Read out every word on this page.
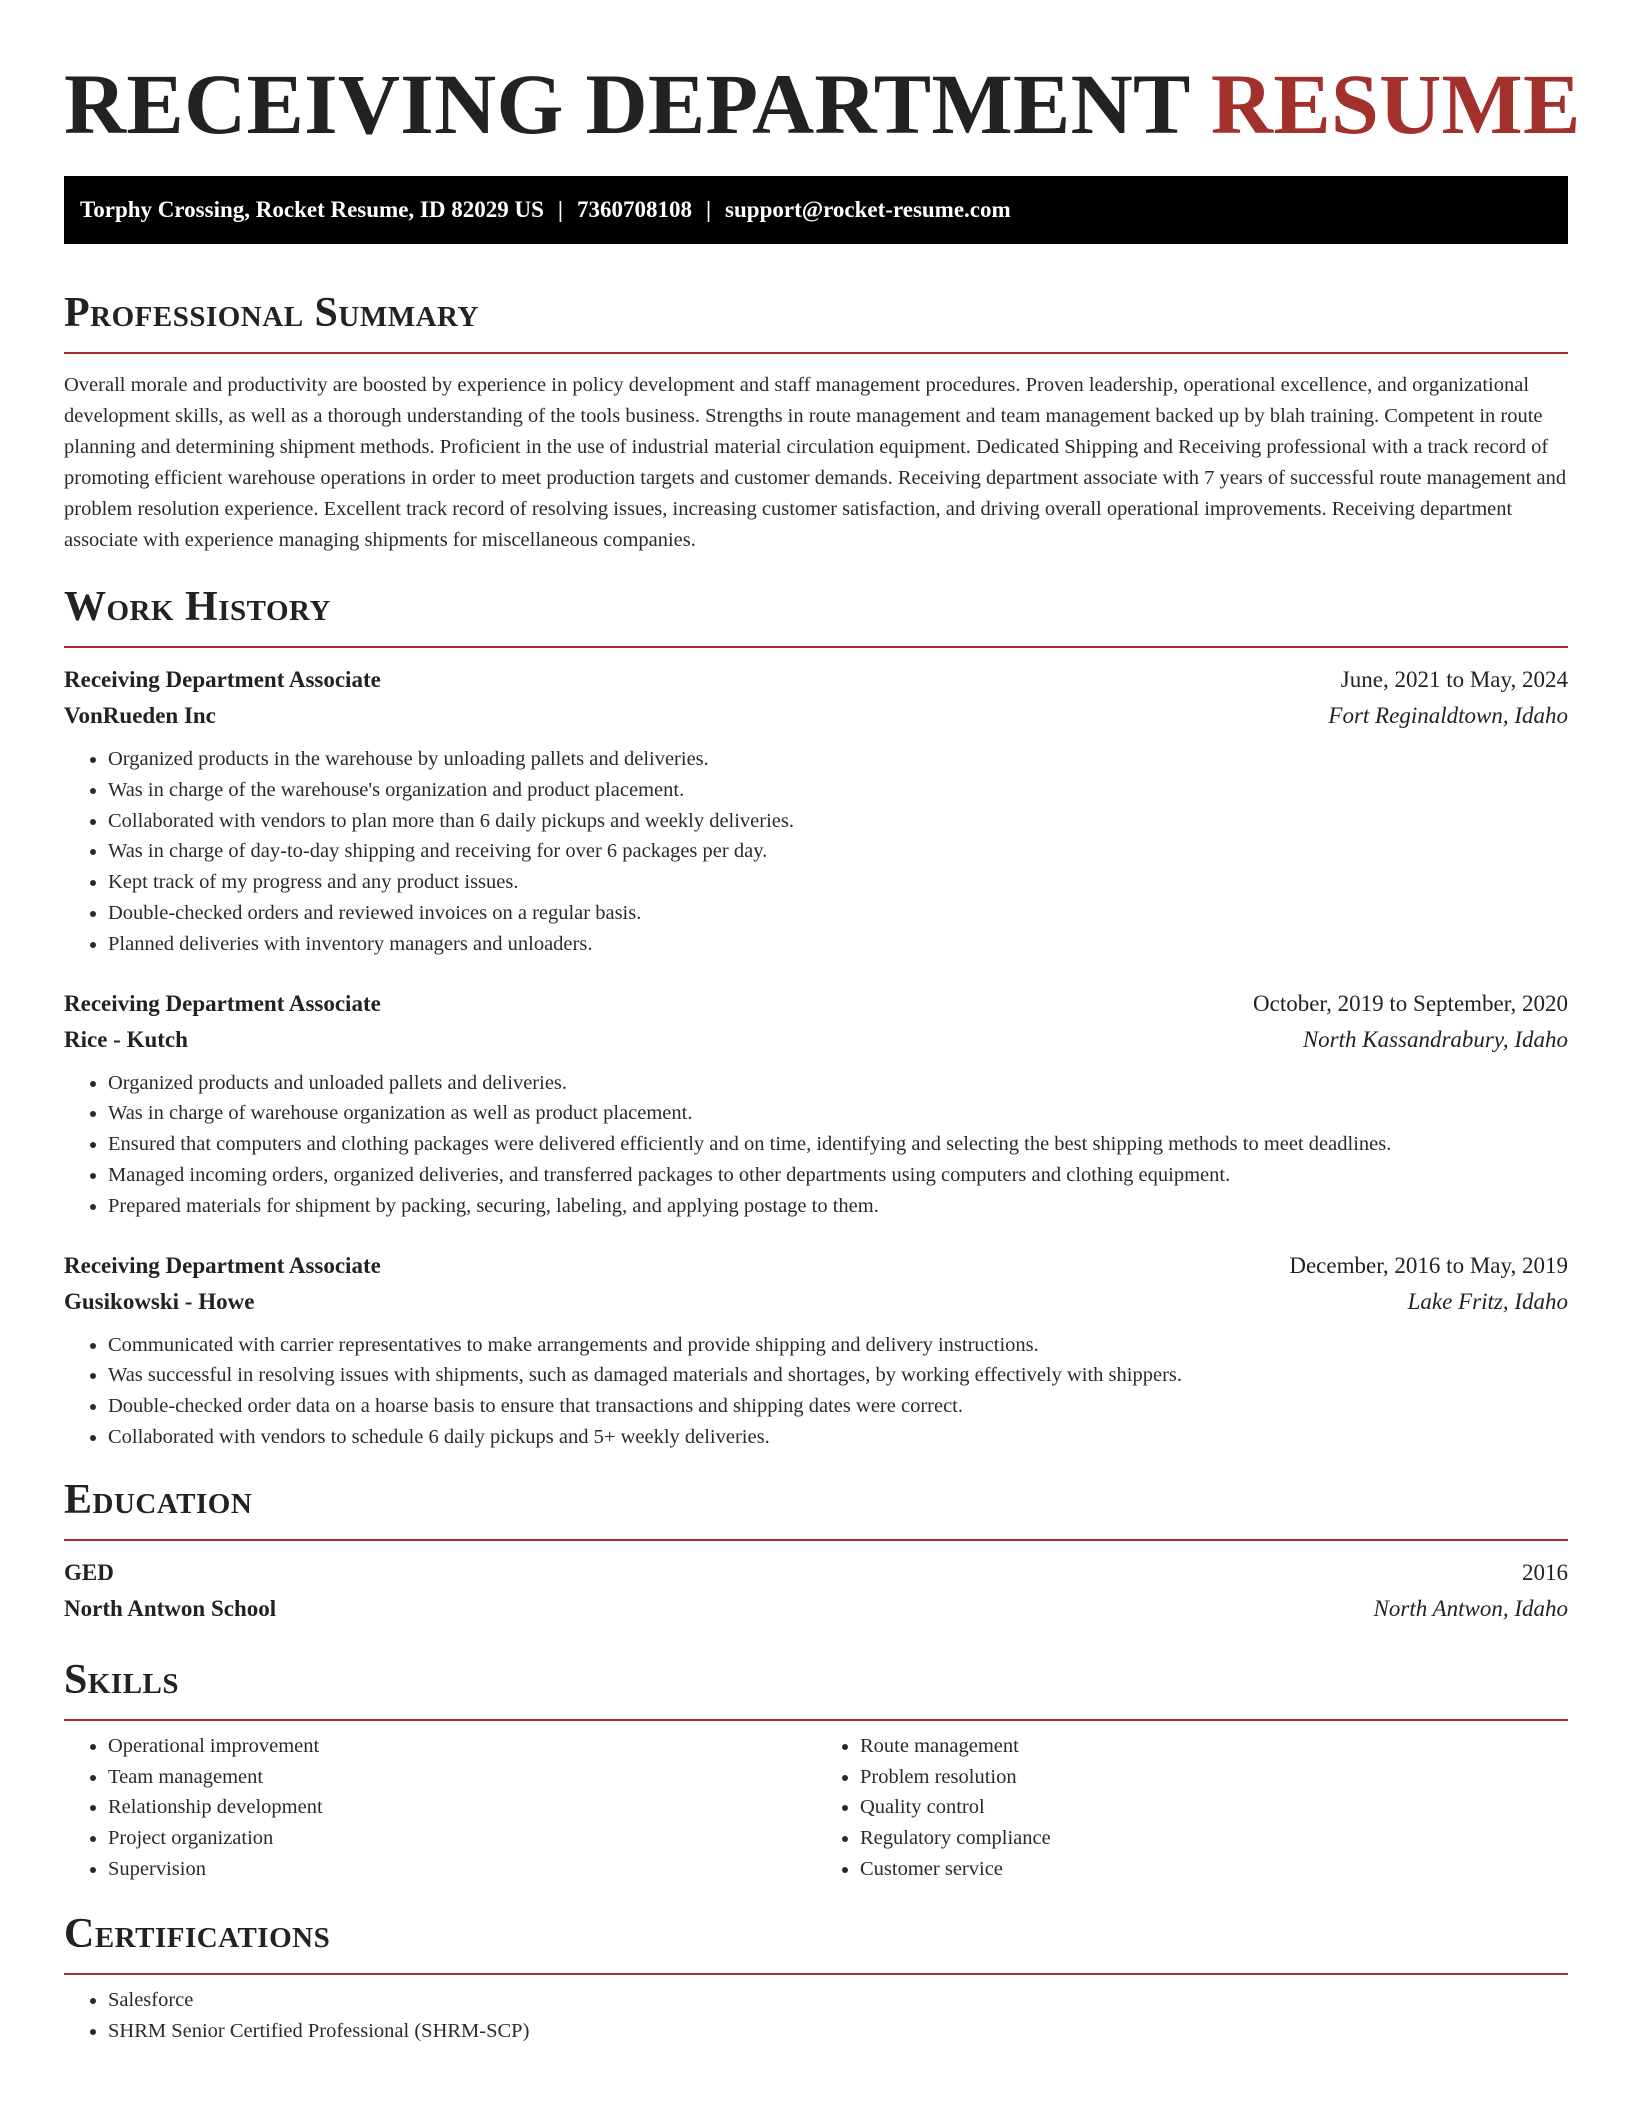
RECEIVING DEPARTMENT RESUME
Torphy Crossing, Rocket Resume, ID 82029 US | 7360708108 | support@rocket-resume.com
Professional Summary

Overall morale and productivity are boosted by experience in policy development and staff management procedures. Proven leadership, operational excellence, and organizational development skills, as well as a thorough understanding of the tools business. Strengths in route management and team management backed up by blah training. Competent in route planning and determining shipment methods. Proficient in the use of industrial material circulation equipment. Dedicated Shipping and Receiving professional with a track record of promoting efficient warehouse operations in order to meet production targets and customer demands. Receiving department associate with 7 years of successful route management and problem resolution experience. Excellent track record of resolving issues, increasing customer satisfaction, and driving overall operational improvements. Receiving department associate with experience managing shipments for miscellaneous companies.

Work History
Receiving Department Associate	June, 2021 to May, 2024
VonRueden Inc	Fort Reginaldtown, Idaho
• Organized products in the warehouse by unloading pallets and deliveries.
• Was in charge of the warehouse's organization and product placement.
• Collaborated with vendors to plan more than 6 daily pickups and weekly deliveries.
• Was in charge of day-to-day shipping and receiving for over 6 packages per day.
• Kept track of my progress and any product issues.
• Double-checked orders and reviewed invoices on a regular basis.
• Planned deliveries with inventory managers and unloaders.
Receiving Department Associate	October, 2019 to September, 2020
Rice - Kutch	North Kassandrabury, Idaho
• Organized products and unloaded pallets and deliveries.
• Was in charge of warehouse organization as well as product placement.
• Ensured that computers and clothing packages were delivered efficiently and on time, identifying and selecting the best shipping methods to meet deadlines.
• Managed incoming orders, organized deliveries, and transferred packages to other departments using computers and clothing equipment.
• Prepared materials for shipment by packing, securing, labeling, and applying postage to them.
Receiving Department Associate	December, 2016 to May, 2019
Gusikowski - Howe	Lake Fritz, Idaho
• Communicated with carrier representatives to make arrangements and provide shipping and delivery instructions.
• Was successful in resolving issues with shipments, such as damaged materials and shortages, by working effectively with shippers.
• Double-checked order data on a hoarse basis to ensure that transactions and shipping dates were correct.
• Collaborated with vendors to schedule 6 daily pickups and 5+ weekly deliveries.
Education
GED	2016
North Antwon School	North Antwon, Idaho
Skills
• Operational improvement
• Team management
• Relationship development
• Project organization
• Supervision
• Route management
• Problem resolution
• Quality control
• Regulatory compliance
• Customer service
Certifications
• Salesforce
• SHRM Senior Certified Professional (SHRM-SCP)
